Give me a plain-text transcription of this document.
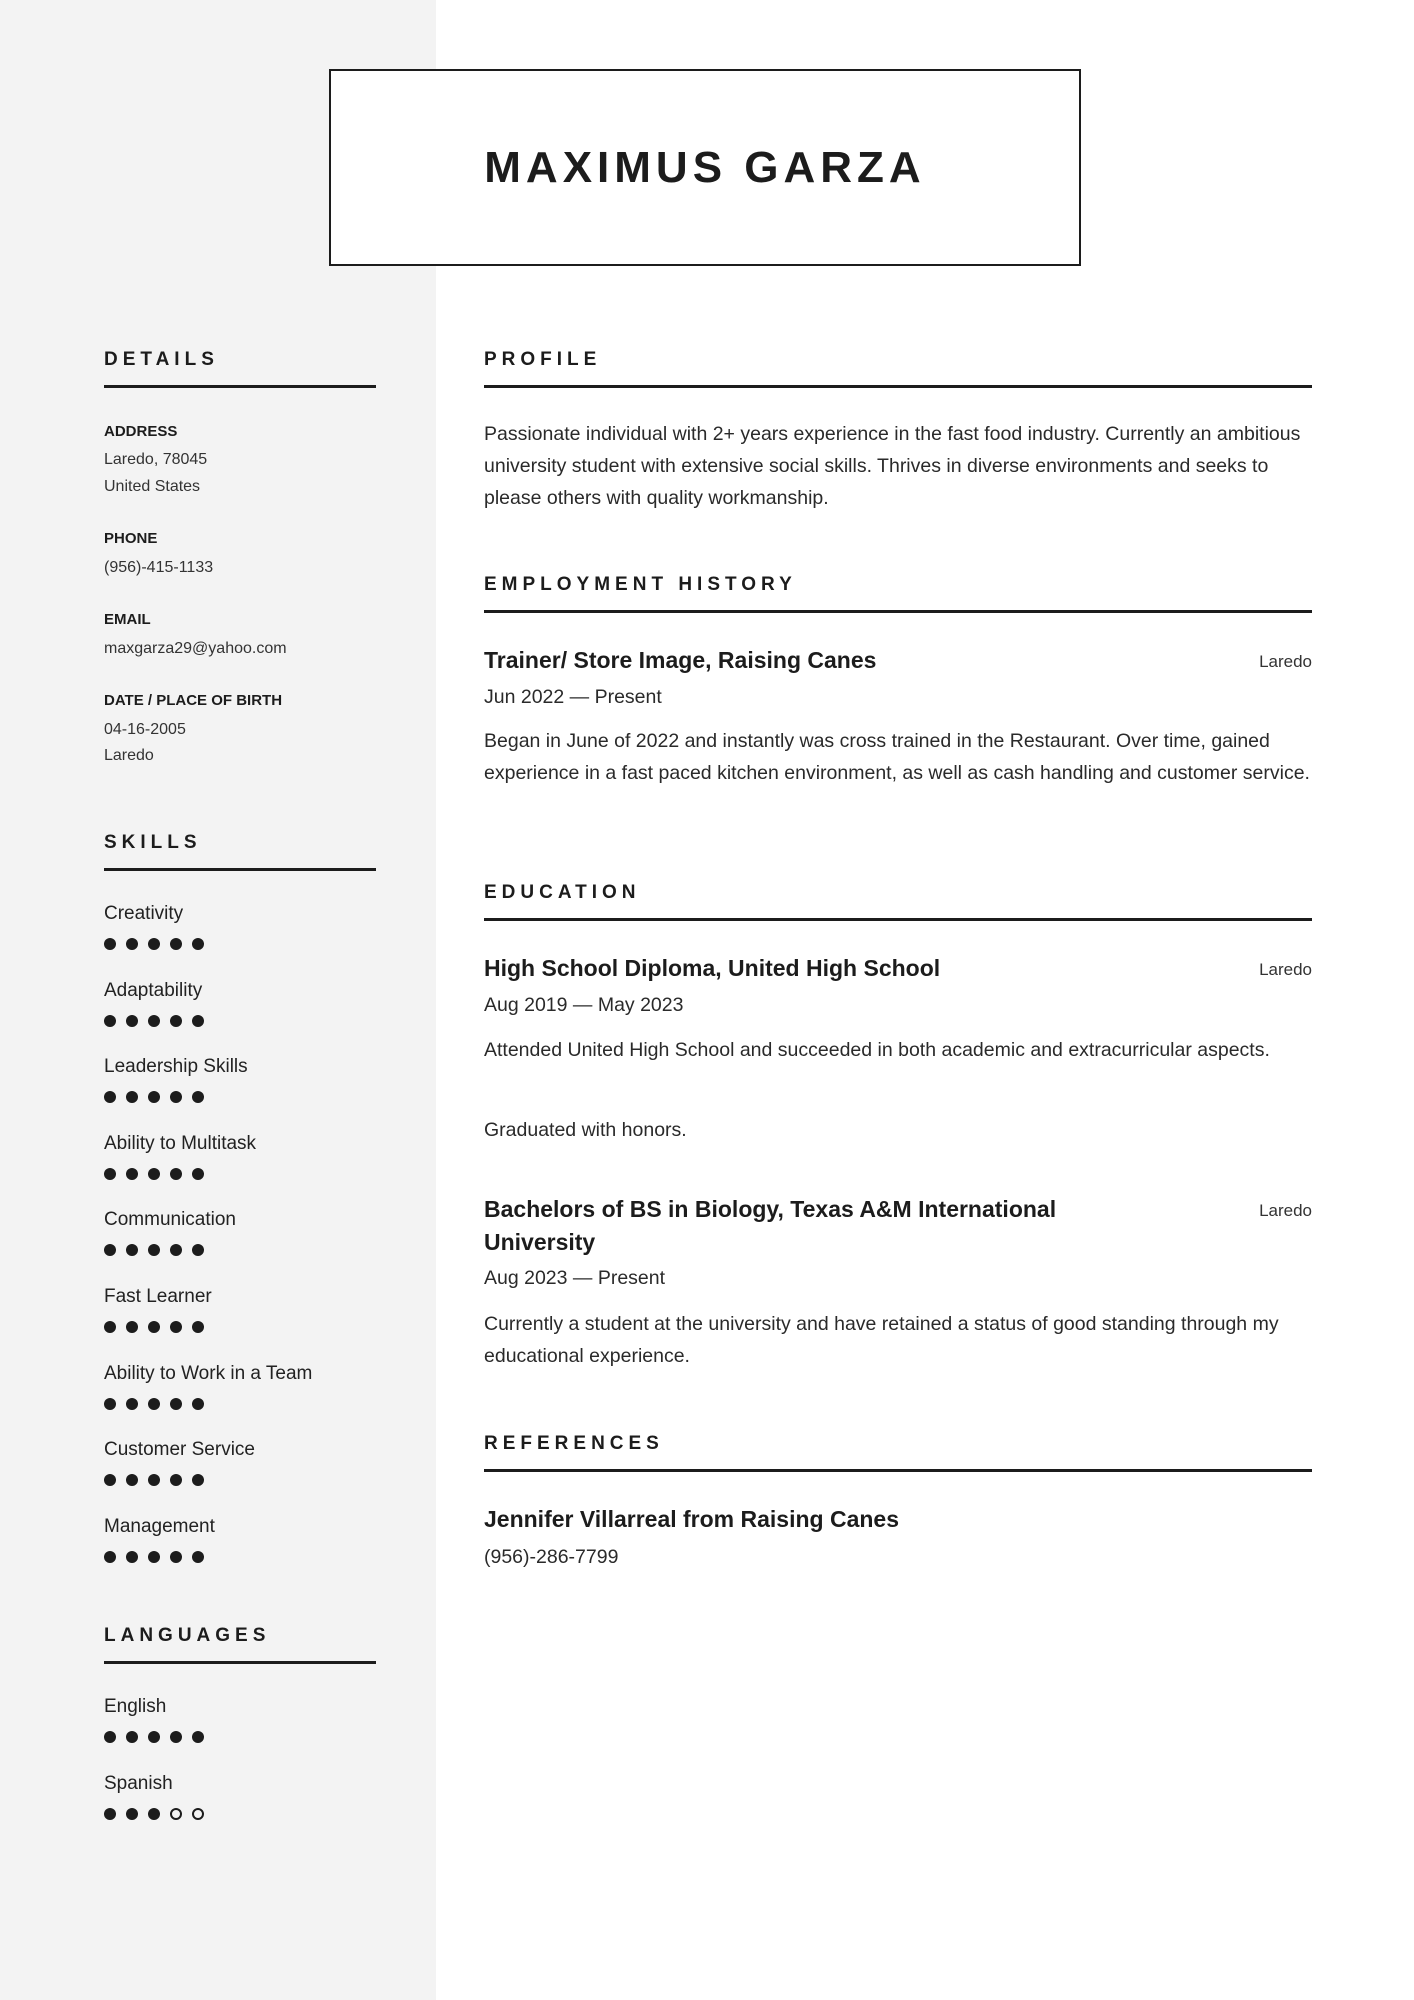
MAXIMUS GARZA
DETAILS
ADDRESS
Laredo, 78045
United States
PHONE
(956)-415-1133
EMAIL
maxgarza29@yahoo.com
DATE / PLACE OF BIRTH
04-16-2005
Laredo
SKILLS
Creativity
Adaptability
Leadership Skills
Ability to Multitask
Communication
Fast Learner
Ability to Work in a Team
Customer Service
Management
LANGUAGES
English
Spanish
PROFILE
Passionate individual with 2+ years experience in the fast food industry. Currently an ambitious university student with extensive social skills. Thrives in diverse environments and seeks to please others with quality workmanship.
EMPLOYMENT HISTORY
Trainer/ Store Image, Raising Canes	Laredo
Jun 2022 — Present
Began in June of 2022 and instantly was cross trained in the Restaurant. Over time, gained experience in a fast paced kitchen environment, as well as cash handling and customer service.
EDUCATION
High School Diploma, United High School	Laredo
Aug 2019 — May 2023
Attended United High School and succeeded in both academic and extracurricular aspects.
Graduated with honors.
Bachelors of BS in Biology, Texas A&M International University
Laredo
Aug 2023 — Present
Currently a student at the university and have retained a status of good standing through my educational experience.
REFERENCES
Jennifer Villarreal from Raising Canes
(956)-286-7799
